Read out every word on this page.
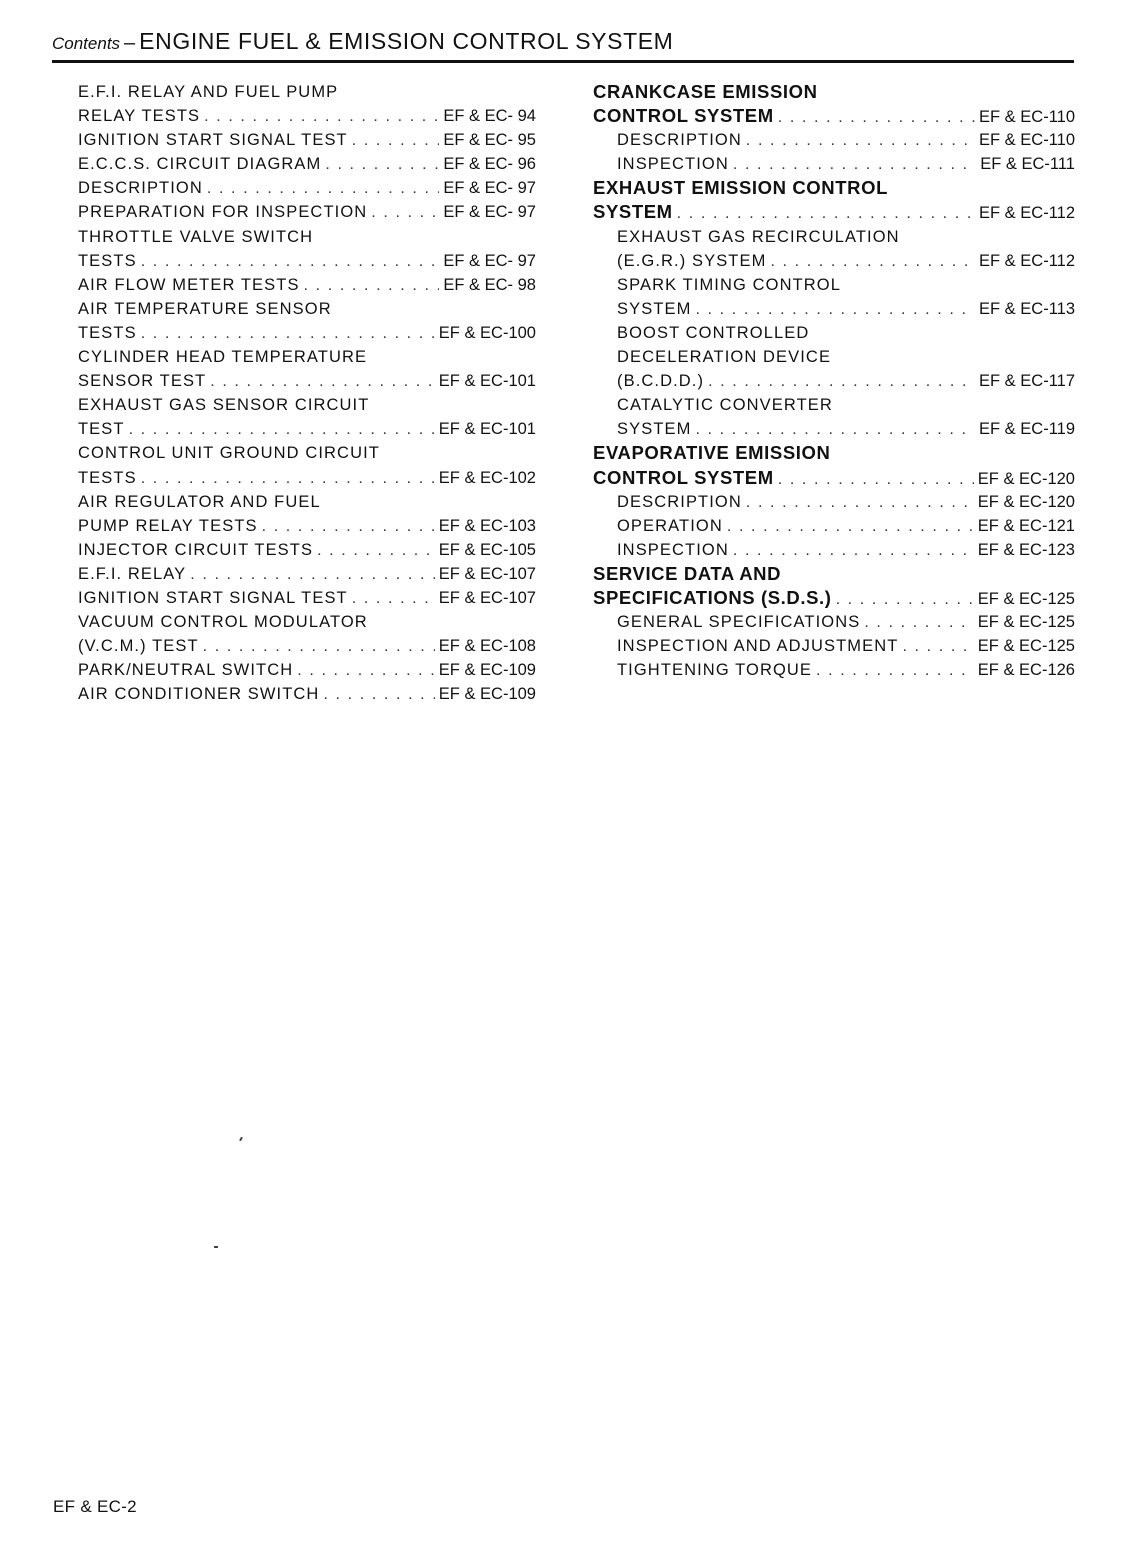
Contents – ENGINE FUEL & EMISSION CONTROL SYSTEM
E.F.I. RELAY AND FUEL PUMP
RELAY TESTS . . .	EF & EC- 94
IGNITION START SIGNAL TEST . . .	EF & EC- 95
E.C.C.S. CIRCUIT DIAGRAM . . .	EF & EC- 96
DESCRIPTION . . .	EF & EC- 97
PREPARATION FOR INSPECTION . . .	EF & EC- 97
THROTTLE VALVE SWITCH
TESTS . . .	EF & EC- 97
AIR FLOW METER TESTS . . .	EF & EC- 98
AIR TEMPERATURE SENSOR
TESTS . . .	EF & EC-100
CYLINDER HEAD TEMPERATURE
SENSOR TEST . . .	EF & EC-101
EXHAUST GAS SENSOR CIRCUIT
TEST . . .	EF & EC-101
CONTROL UNIT GROUND CIRCUIT
TESTS . . .	EF & EC-102
AIR REGULATOR AND FUEL
PUMP RELAY TESTS . . .	EF & EC-103
INJECTOR CIRCUIT TESTS . . .	EF & EC-105
E.F.I. RELAY . . .	EF & EC-107
IGNITION START SIGNAL TEST . . .	EF & EC-107
VACUUM CONTROL MODULATOR
(V.C.M.) TEST . . .	EF & EC-108
PARK/NEUTRAL SWITCH . . .	EF & EC-109
AIR CONDITIONER SWITCH . . .	EF & EC-109
CRANKCASE EMISSION
CONTROL SYSTEM . . .	EF & EC-110
DESCRIPTION . . .	EF & EC-110
INSPECTION . . .	EF & EC-111
EXHAUST EMISSION CONTROL
SYSTEM . . .	EF & EC-112
EXHAUST GAS RECIRCULATION
(E.G.R.) SYSTEM . . .	EF & EC-112
SPARK TIMING CONTROL
SYSTEM . . .	EF & EC-113
BOOST CONTROLLED
DECELERATION DEVICE
(B.C.D.D.) . . .	EF & EC-117
CATALYTIC CONVERTER
SYSTEM . . .	EF & EC-119
EVAPORATIVE EMISSION
CONTROL SYSTEM . . .	EF & EC-120
DESCRIPTION . . .	EF & EC-120
OPERATION . . .	EF & EC-121
INSPECTION . . .	EF & EC-123
SERVICE DATA AND
SPECIFICATIONS (S.D.S.) . . .	EF & EC-125
GENERAL SPECIFICATIONS . . .	EF & EC-125
INSPECTION AND ADJUSTMENT . . .	EF & EC-125
TIGHTENING TORQUE . . .	EF & EC-126
EF & EC-2
